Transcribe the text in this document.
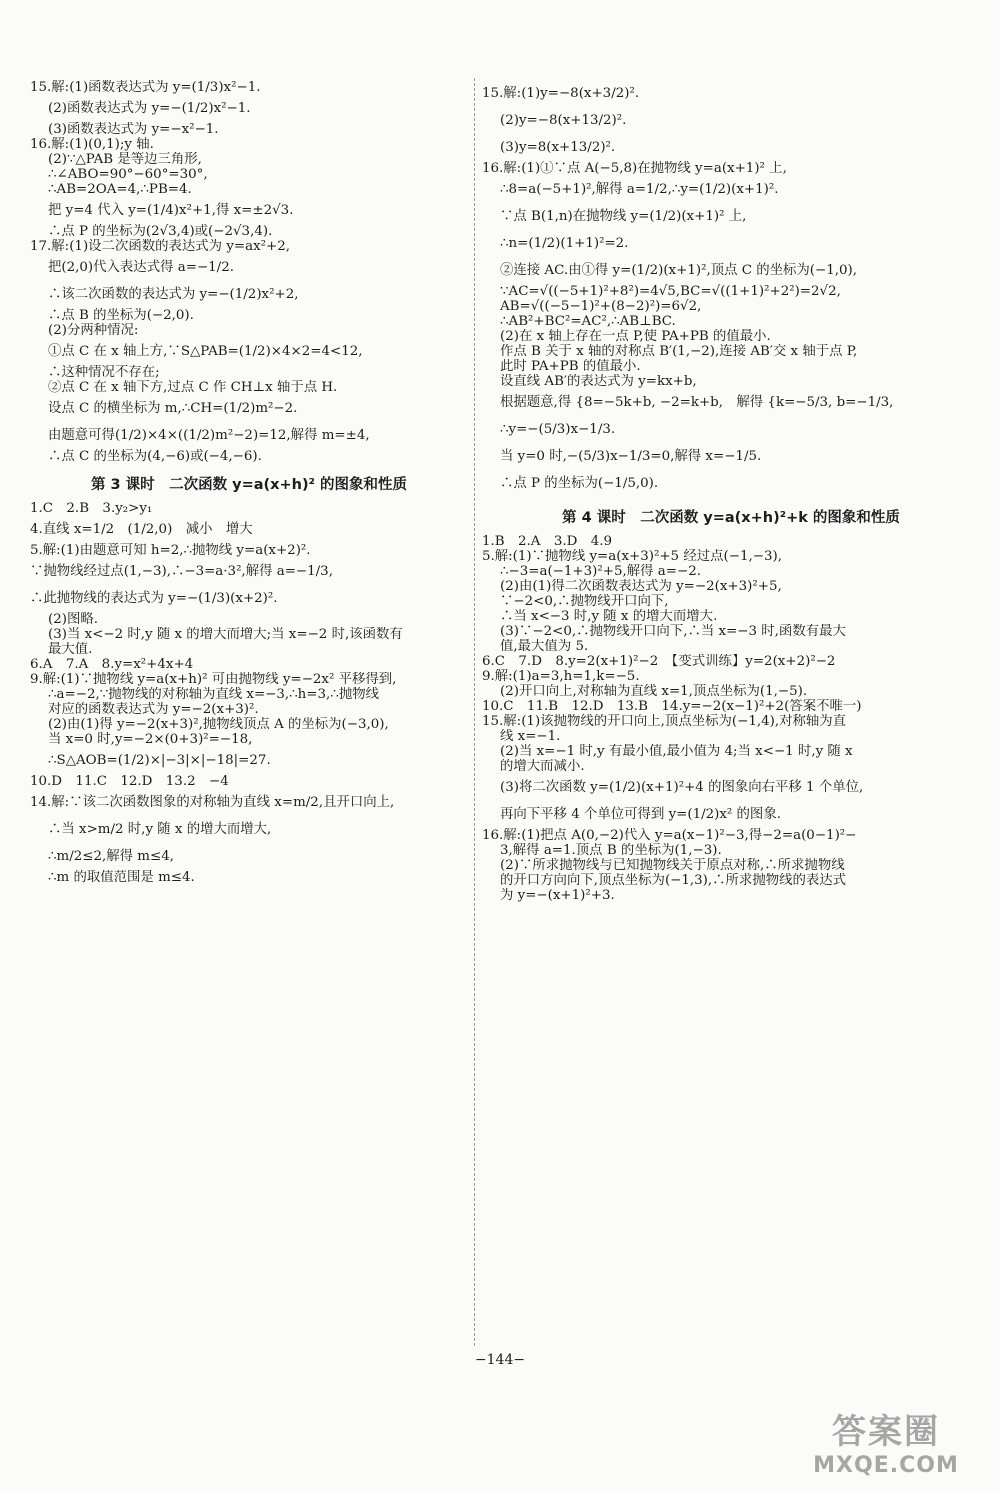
15.解:(1)函数表达式为 y=(1/3)x²−1.
(2)函数表达式为 y=−(1/2)x²−1.
(3)函数表达式为 y=−x²−1.
16.解:(1)(0,1);y 轴.
(2)∵△PAB 是等边三角形,
∴∠ABO=90°−60°=30°,
∴AB=2OA=4,∴PB=4.
把 y=4 代入 y=(1/4)x²+1,得 x=±2√3.
∴点 P 的坐标为(2√3,4)或(−2√3,4).
17.解:(1)设二次函数的表达式为 y=ax²+2,
把(2,0)代入表达式得 a=−1/2.
∴该二次函数的表达式为 y=−(1/2)x²+2,
∴点 B 的坐标为(−2,0).
(2)分两种情况:
①点 C 在 x 轴上方,∵S△PAB=(1/2)×4×2=4<12,
∴这种情况不存在;
②点 C 在 x 轴下方,过点 C 作 CH⊥x 轴于点 H.
设点 C 的横坐标为 m,∴CH=(1/2)m²−2.
由题意可得(1/2)×4×((1/2)m²−2)=12,解得 m=±4,
∴点 C 的坐标为(4,−6)或(−4,−6).
第 3 课时　二次函数 y=a(x+h)² 的图象和性质
1.C　2.B　3.y₂>y₁
4.直线 x=1/2　(1/2,0)　减小　增大
5.解:(1)由题意可知 h=2,∴抛物线 y=a(x+2)².
∵抛物线经过点(1,−3),∴−3=a·3²,解得 a=−1/3,
∴此抛物线的表达式为 y=−(1/3)(x+2)².
(2)图略.
(3)当 x<−2 时,y 随 x 的增大而增大;当 x=−2 时,该函数有
最大值.
6.A　7.A　8.y=x²+4x+4
9.解:(1)∵抛物线 y=a(x+h)² 可由抛物线 y=−2x² 平移得到,
∴a=−2,∵抛物线的对称轴为直线 x=−3,∴h=3,∴抛物线
对应的函数表达式为 y=−2(x+3)².
(2)由(1)得 y=−2(x+3)²,抛物线顶点 A 的坐标为(−3,0),
当 x=0 时,y=−2×(0+3)²=−18,
∴S△AOB=(1/2)×|−3|×|−18|=27.
10.D　11.C　12.D　13.2　−4
14.解:∵该二次函数图象的对称轴为直线 x=m/2,且开口向上,
∴当 x>m/2 时,y 随 x 的增大而增大,
∴m/2≤2,解得 m≤4,
∴m 的取值范围是 m≤4.
15.解:(1)y=−8(x+3/2)².
(2)y=−8(x+13/2)².
(3)y=8(x+13/2)².
16.解:(1)①∵点 A(−5,8)在抛物线 y=a(x+1)² 上,
∴8=a(−5+1)²,解得 a=1/2,∴y=(1/2)(x+1)².
∵点 B(1,n)在抛物线 y=(1/2)(x+1)² 上,
∴n=(1/2)(1+1)²=2.
②连接 AC.由①得 y=(1/2)(x+1)²,顶点 C 的坐标为(−1,0),
∵AC=√((−5+1)²+8²)=4√5,BC=√((1+1)²+2²)=2√2,
AB=√((−5−1)²+(8−2)²)=6√2,
∴AB²+BC²=AC²,∴AB⊥BC.
(2)在 x 轴上存在一点 P,使 PA+PB 的值最小.
作点 B 关于 x 轴的对称点 B′(1,−2),连接 AB′交 x 轴于点 P,
此时 PA+PB 的值最小.
设直线 AB′的表达式为 y=kx+b,
根据题意,得 {8=−5k+b, −2=k+b,　解得 {k=−5/3, b=−1/3,
∴y=−(5/3)x−1/3.
当 y=0 时,−(5/3)x−1/3=0,解得 x=−1/5.
∴点 P 的坐标为(−1/5,0).
第 4 课时　二次函数 y=a(x+h)²+k 的图象和性质
1.B　2.A　3.D　4.9
5.解:(1)∵抛物线 y=a(x+3)²+5 经过点(−1,−3),
∴−3=a(−1+3)²+5,解得 a=−2.
(2)由(1)得二次函数表达式为 y=−2(x+3)²+5,
∵−2<0,∴抛物线开口向下,
∴当 x<−3 时,y 随 x 的增大而增大.
(3)∵−2<0,∴抛物线开口向下,∴当 x=−3 时,函数有最大
值,最大值为 5.
6.C　7.D　8.y=2(x+1)²−2　【变式训练】y=2(x+2)²−2
9.解:(1)a=3,h=1,k=−5.
(2)开口向上,对称轴为直线 x=1,顶点坐标为(1,−5).
10.C　11.B　12.D　13.B　14.y=−2(x−1)²+2(答案不唯一)
15.解:(1)该抛物线的开口向上,顶点坐标为(−1,4),对称轴为直
线 x=−1.
(2)当 x=−1 时,y 有最小值,最小值为 4;当 x<−1 时,y 随 x
的增大而减小.
(3)将二次函数 y=(1/2)(x+1)²+4 的图象向右平移 1 个单位,
再向下平移 4 个单位可得到 y=(1/2)x² 的图象.
16.解:(1)把点 A(0,−2)代入 y=a(x−1)²−3,得−2=a(0−1)²−
3,解得 a=1.顶点 B 的坐标为(1,−3).
(2)∵所求抛物线与已知抛物线关于原点对称,∴所求抛物线
的开口方向向下,顶点坐标为(−1,3),∴所求抛物线的表达式
为 y=−(x+1)²+3.
−144−
答案圈
MXQE.COM
